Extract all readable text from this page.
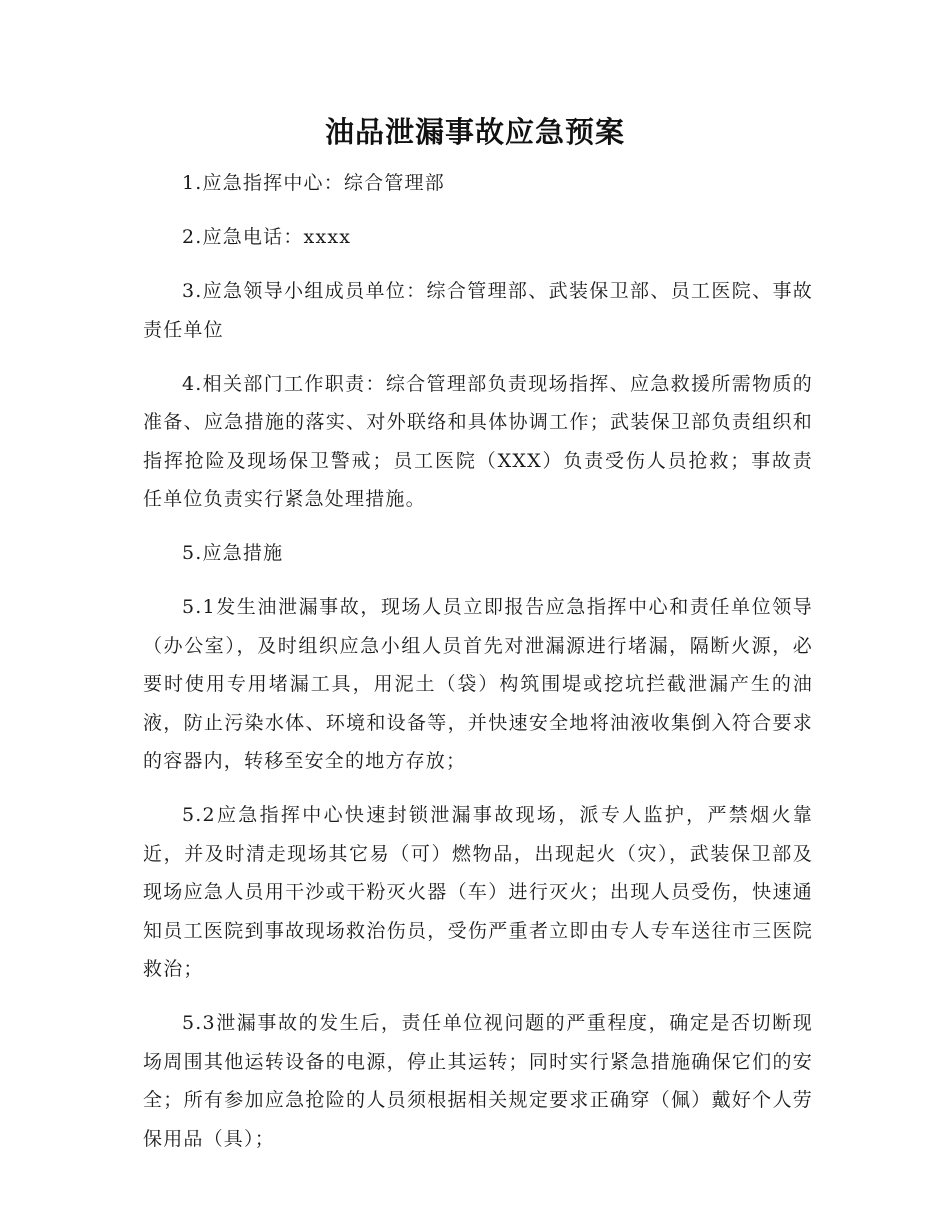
油品泄漏事故应急预案

1.应急指挥中心：综合管理部

2.应急电话：xxxx

3.应急领导小组成员单位：综合管理部、武装保卫部、员工医院、事故责任单位

4.相关部门工作职责：综合管理部负责现场指挥、应急救援所需物质的准备、应急措施的落实、对外联络和具体协调工作；武装保卫部负责组织和指挥抢险及现场保卫警戒；员工医院（XXX）负责受伤人员抢救；事故责任单位负责实行紧急处理措施。

5.应急措施

5.1发生油泄漏事故，现场人员立即报告应急指挥中心和责任单位领导（办公室），及时组织应急小组人员首先对泄漏源进行堵漏，隔断火源，必要时使用专用堵漏工具，用泥土（袋）构筑围堤或挖坑拦截泄漏产生的油液，防止污染水体、环境和设备等，并快速安全地将油液收集倒入符合要求的容器内，转移至安全的地方存放；

5.2应急指挥中心快速封锁泄漏事故现场，派专人监护，严禁烟火靠近，并及时清走现场其它易（可）燃物品，出现起火（灾），武装保卫部及现场应急人员用干沙或干粉灭火器（车）进行灭火；出现人员受伤，快速通知员工医院到事故现场救治伤员，受伤严重者立即由专人专车送往市三医院救治；

5.3泄漏事故的发生后，责任单位视问题的严重程度，确定是否切断现场周围其他运转设备的电源，停止其运转；同时实行紧急措施确保它们的安全；所有参加应急抢险的人员须根据相关规定要求正确穿（佩）戴好个人劳保用品（具）；
